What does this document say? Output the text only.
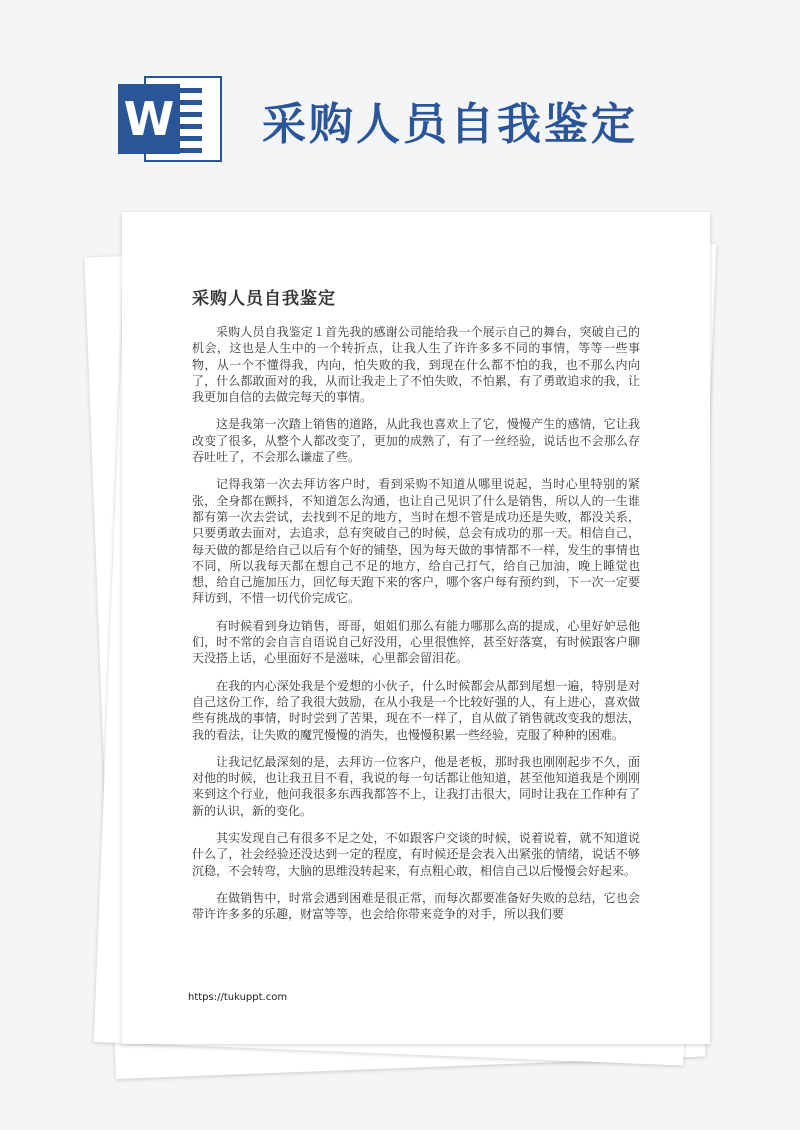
W 采购人员自我鉴定
采购人员自我鉴定

采购人员自我鉴定１首先我的感谢公司能给我一个展示自己的舞台，突破自己的机会，这也是人生中的一个转折点，让我人生了许许多多不同的事情，等等一些事物，从一个不懂得我，内向，怕失败的我，到现在什么都不怕的我，也不那么内向了，什么都敢面对的我，从而让我走上了不怕失败，不怕累，有了勇敢追求的我，让我更加自信的去做完每天的事情。

这是我第一次踏上销售的道路，从此我也喜欢上了它，慢慢产生的感情，它让我改变了很多，从整个人都改变了，更加的成熟了，有了一丝经验，说话也不会那么存吞吐吐了，不会那么谦虚了些。

记得我第一次去拜访客户时，看到采购不知道从哪里说起，当时心里特别的紧张，全身都在颤抖，不知道怎么沟通，也让自己见识了什么是销售，所以人的一生谁都有第一次去尝试，去找到不足的地方，当时在想不管是成功还是失败，都没关系，只要勇敢去面对，去追求，总有突破自己的时候，总会有成功的那一天。相信自己，每天做的都是给自己以后有个好的铺垫，因为每天做的事情都不一样，发生的事情也不同，所以我每天都在想自己不足的地方，给自己打气，给自己加油，晚上睡觉也想，给自己施加压力，回忆每天跑下来的客户，哪个客户每有预约到，下一次一定要拜访到，不惜一切代价完成它。

有时候看到身边销售，哥哥，姐姐们那么有能力哪那么高的提成，心里好妒忌他们，时不常的会自言自语说自己好没用，心里很憔悴，甚至好落寞，有时候跟客户聊天没搭上话，心里面好不是滋味，心里都会留泪花。

在我的内心深处我是个爱想的小伙子，什么时候都会从都到尾想一遍，特别是对自己这份工作，给了我很大鼓励，在从小我是一个比较好强的人，有上进心，喜欢做些有挑战的事情，时时尝到了苦果，现在不一样了，自从做了销售就改变我的想法，我的看法，让失败的魔咒慢慢的消失，也慢慢积累一些经验，克服了种种的困难。

让我记忆最深刻的是，去拜访一位客户，他是老板，那时我也刚刚起步不久，面对他的时候，也让我丑目不看，我说的每一句话都让他知道，甚至他知道我是个刚刚来到这个行业，他问我很多东西我都答不上，让我打击很大，同时让我在工作种有了新的认识，新的变化。

其实发现自己有很多不足之处，不如跟客户交谈的时候，说着说着，就不知道说什么了，社会经验还没达到一定的程度，有时候还是会表入出紧张的情绪，说话不够沉稳，不会转弯，大脑的思维没转起来，有点粗心敢，相信自己以后慢慢会好起来。

在做销售中，时常会遇到困难是很正常，而每次都要准备好失败的总结，它也会带许许多多的乐趣，财富等等，也会给你带来竞争的对手，所以我们要

https://tukuppt.com
